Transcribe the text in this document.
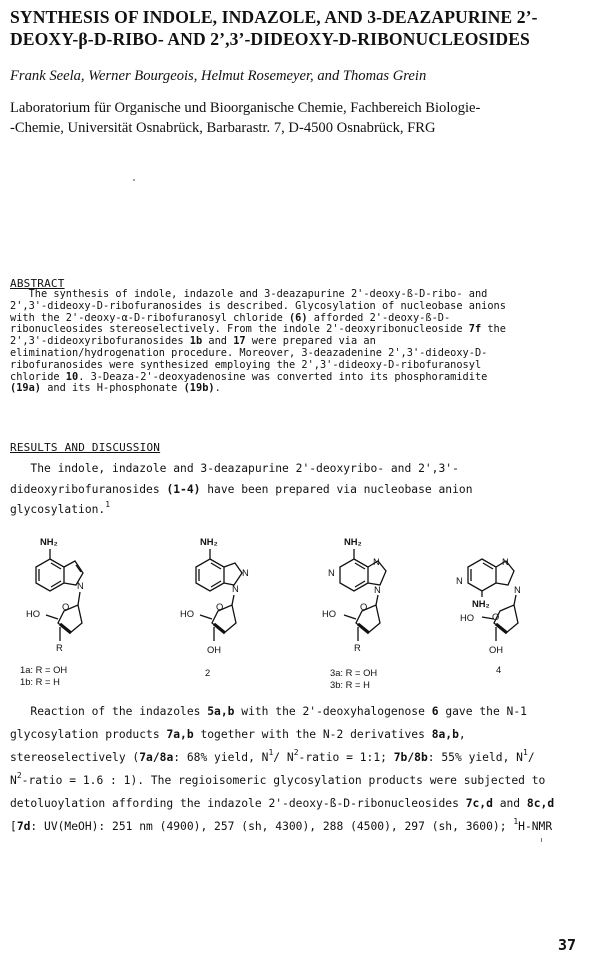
SYNTHESIS OF INDOLE, INDAZOLE, AND 3-DEAZAPURINE 2’-
DEOXY-β-D-RIBO- AND 2’,3’-DIDEOXY-D-RIBONUCLEOSIDES
Frank Seela, Werner Bourgeois, Helmut Rosemeyer, and Thomas Grein
Laboratorium für Organische und Bioorganische Chemie, Fachbereich Biologie-
-Chemie, Universität Osnabrück, Barbarastr. 7, D-4500 Osnabrück, FRG
ABSTRACT
The synthesis of indole, indazole and 3-deazapurine 2'-deoxy-ß-D-ribo- and
2',3'-dideoxy-D-ribofuranosides is described. Glycosylation of nucleobase anions
with the 2'-deoxy-α-D-ribofuranosyl chloride (6) afforded 2'-deoxy-ß-D-
ribonucleosides stereoselectively. From the indole 2'-deoxyribonucleoside 7f the
2',3'-dideoxyribofuranosides 1b and 17 were prepared via an
elimination/hydrogenation procedure. Moreover, 3-deazadenine 2',3'-dideoxy-D-
ribofuranosides were synthesized employing the 2',3'-dideoxy-D-ribofuranosyl
chloride 10. 3-Deaza-2'-deoxyadenosine was converted into its phosphoramidite
(19a) and its H-phosphonate (19b).
RESULTS AND DISCUSSION
The indole, indazole and 3-deazapurine 2'-deoxyribo- and 2',3'-
dideoxyribofuranosides (1-4) have been prepared via nucleobase anion
glycosylation.$^1$
NH₂
N
O
HO
R
1a: R = OH
1b: R = H
NH₂
N
N
O
HO
OH
2
NH₂
N
N
N
O
HO
R
3a: R = OH
3b: R = H
N
N
N
NH₂
O
HO
OH
4
Reaction of the indazoles 5a,b with the 2'-deoxyhalogenose 6 gave the N-1
glycosylation products 7a,b together with the N-2 derivatives 8a,b,
stereoselectively (7a/8a: 68% yield, $N^1/$ $N^2$-ratio = 1:1; 7b/8b: 55% yield, $N^1/$
$N^2$-ratio = 1.6 : 1). The regioisomeric glycosylation products were subjected to
detoluoylation affording the indazole 2'-deoxy-ß-D-ribonucleosides 7c,d and 8c,d
[7d: UV(MeOH): 251 nm (4900), 257 (sh, 4300), 288 (4500), 297 (sh, 3600); $^1$H-NMR
37
